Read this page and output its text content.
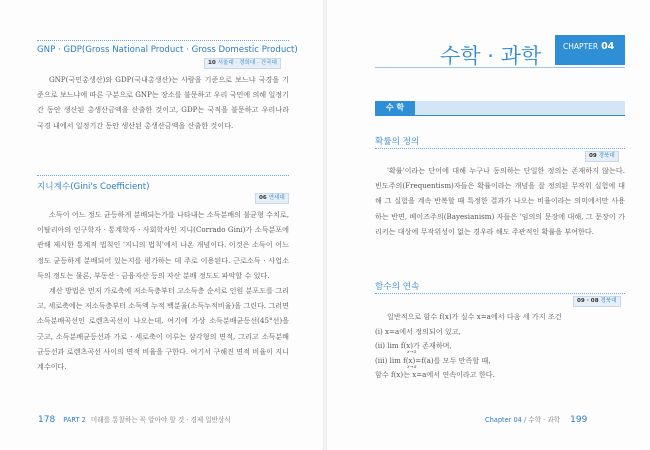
GNP · GDP(Gross National Product · Gross Domestic Product)
10 서울대 · 경희대 · 건국대

GNP(국민총생산)와 GDP(국내총생산)는 사람을 기준으로 보느냐 국경을 기준으로 보느냐에 따른 구분으로 GNP는 장소를 불문하고 우리 국민에 의해 일정기간 동안 생산된 총생산금액을 산출한 것이고, GDP는 국적을 불문하고 우리나라 국경 내에서 일정기간 동안 생산된 총생산금액을 산출한 것이다.

지니계수(Gini's Coefficient)
06 연세대

소득이 어느 정도 균등하게 분배되는가를 나타내는 소득분배의 불균형 수치로, 이탈리아의 인구학자 · 통계학자 · 사회학자인 지니(Corrado Gini)가 소득분포에 관해 제시한 통계적 법칙인 '지니의 법칙'에서 나온 개념이다. 이것은 소득이 어느 정도 균등하게 분배되어 있는지를 평가하는 데 주로 이용된다. 근로소득 · 사업소득의 정도는 물론, 부동산 · 금융자산 등의 자산 분배 정도도 파악할 수 있다.

계산 방법은 먼저 가로축에 저소득층부터 고소득층 순서로 인원 분포도를 그리고, 세로축에는 저소득층부터 소득액 누적 백분율(소득누적비율)을 그린다. 그러면 소득분배곡선인 로렌츠곡선이 나오는데, 여기에 가상 소득분배균등선(45°선)을 긋고, 소득분배균등선과 가로 · 세로축이 이루는 삼각형의 면적, 그리고 소득분배균등선과 로렌츠곡선 사이의 면적 비율을 구한다. 여기서 구해진 면적 비율이 지니계수이다.

178 PART 2 미래를 통찰하는 꼭 알아야 할 것 · 경제 일반상식
수학 · 과학	CHAPTER 04
수 학
확률의 정의
09 경북대

'확률'이라는 단어에 대해 누구나 동의하는 단일한 정의는 존재하지 않는다. 빈도주의(Frequentism)자들은 확률이라는 개념을 잘 정의된 무작위 실험에 대해 그 실험을 계속 반복할 때 특정한 결과가 나오는 비율이라는 의미에서만 사용하는 반면, 베이즈주의(Bayesianism) 자들은 '임의의 문장에 대해, 그 문장이 가리키는 대상에 무작위성이 없는 경우라 해도 주관적인 확률을 부여한다.

함수의 연속
09 · 08 경북대
일반적으로 함수 f(x)가 실수 x=a에서 다음 세 가지 조건
(ⅰ) x=a에서 정의되어 있고,
(ⅱ) lim f(x)가 존재하며,
(ⅲ) lim f(x)=f(a)를 모두 만족할 때,
함수 f(x)는 x=a에서 연속이라고 한다.
x→a
x→a
Chapter 04 / 수학 · 과학 199
